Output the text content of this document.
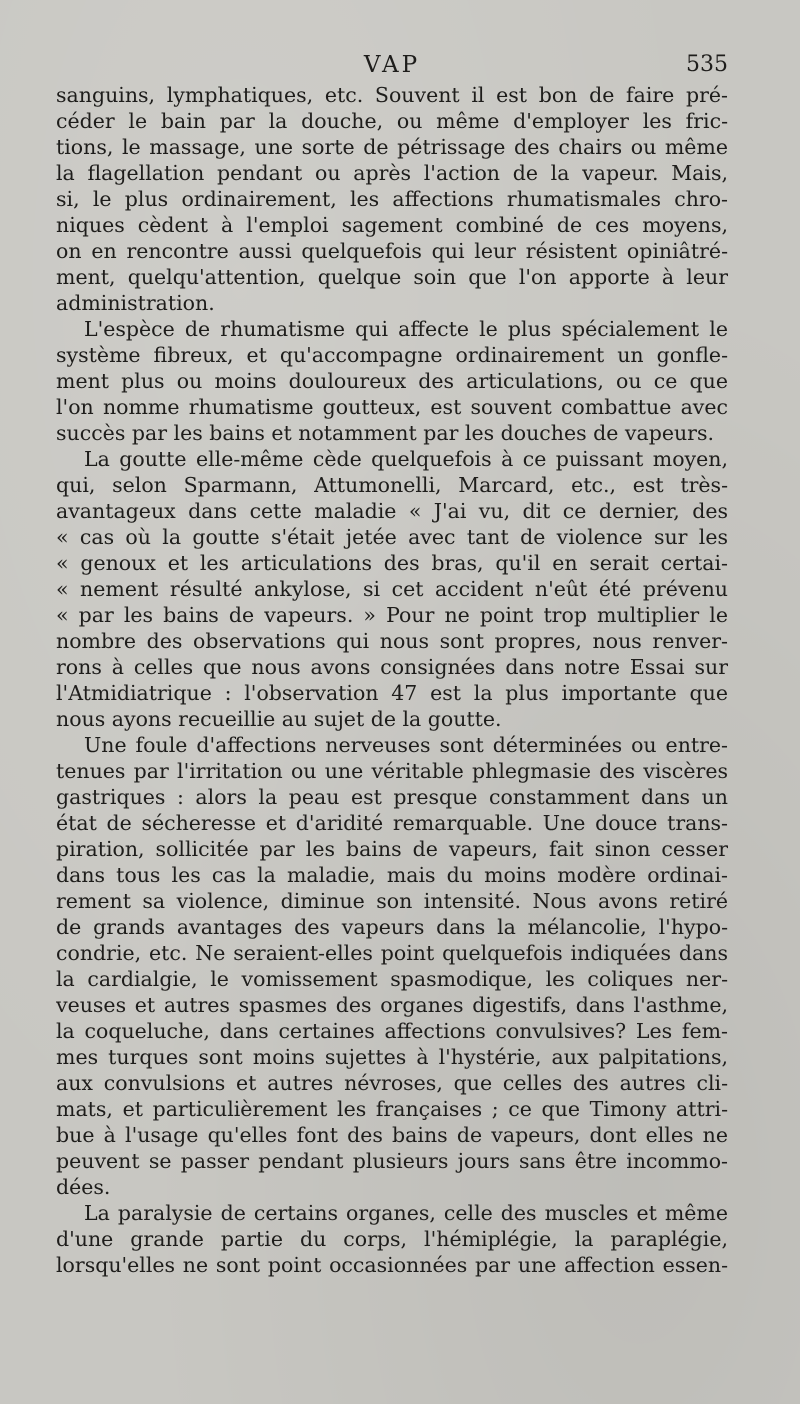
VAP	535
sanguins, lymphatiques, etc. Souvent il est bon de faire pré-
céder le bain par la douche, ou même d'employer les fric-
tions, le massage, une sorte de pétrissage des chairs ou même
la flagellation pendant ou après l'action de la vapeur. Mais,
si, le plus ordinairement, les affections rhumatismales chro-
niques cèdent à l'emploi sagement combiné de ces moyens,
on en rencontre aussi quelquefois qui leur résistent opiniâtré-
ment, quelqu'attention, quelque soin que l'on apporte à leur
administration.
L'espèce de rhumatisme qui affecte le plus spécialement le
système fibreux, et qu'accompagne ordinairement un gonfle-
ment plus ou moins douloureux des articulations, ou ce que
l'on nomme rhumatisme goutteux, est souvent combattue avec
succès par les bains et notamment par les douches de vapeurs.
La goutte elle-même cède quelquefois à ce puissant moyen,
qui, selon Sparmann, Attumonelli, Marcard, etc., est très-
avantageux dans cette maladie « J'ai vu, dit ce dernier, des
« cas où la goutte s'était jetée avec tant de violence sur les
« genoux et les articulations des bras, qu'il en serait certai-
« nement résulté ankylose, si cet accident n'eût été prévenu
« par les bains de vapeurs. » Pour ne point trop multiplier le
nombre des observations qui nous sont propres, nous renver-
rons à celles que nous avons consignées dans notre Essai sur
l'Atmidiatrique : l'observation 47 est la plus importante que
nous ayons recueillie au sujet de la goutte.
Une foule d'affections nerveuses sont déterminées ou entre-
tenues par l'irritation ou une véritable phlegmasie des viscères
gastriques : alors la peau est presque constamment dans un
état de sécheresse et d'aridité remarquable. Une douce trans-
piration, sollicitée par les bains de vapeurs, fait sinon cesser
dans tous les cas la maladie, mais du moins modère ordinai-
rement sa violence, diminue son intensité. Nous avons retiré
de grands avantages des vapeurs dans la mélancolie, l'hypo-
condrie, etc. Ne seraient-elles point quelquefois indiquées dans
la cardialgie, le vomissement spasmodique, les coliques ner-
veuses et autres spasmes des organes digestifs, dans l'asthme,
la coqueluche, dans certaines affections convulsives? Les fem-
mes turques sont moins sujettes à l'hystérie, aux palpitations,
aux convulsions et autres névroses, que celles des autres cli-
mats, et particulièrement les françaises ; ce que Timony attri-
bue à l'usage qu'elles font des bains de vapeurs, dont elles ne
peuvent se passer pendant plusieurs jours sans être incommo-
dées.
La paralysie de certains organes, celle des muscles et même
d'une grande partie du corps, l'hémiplégie, la paraplégie,
lorsqu'elles ne sont point occasionnées par une affection essen-
